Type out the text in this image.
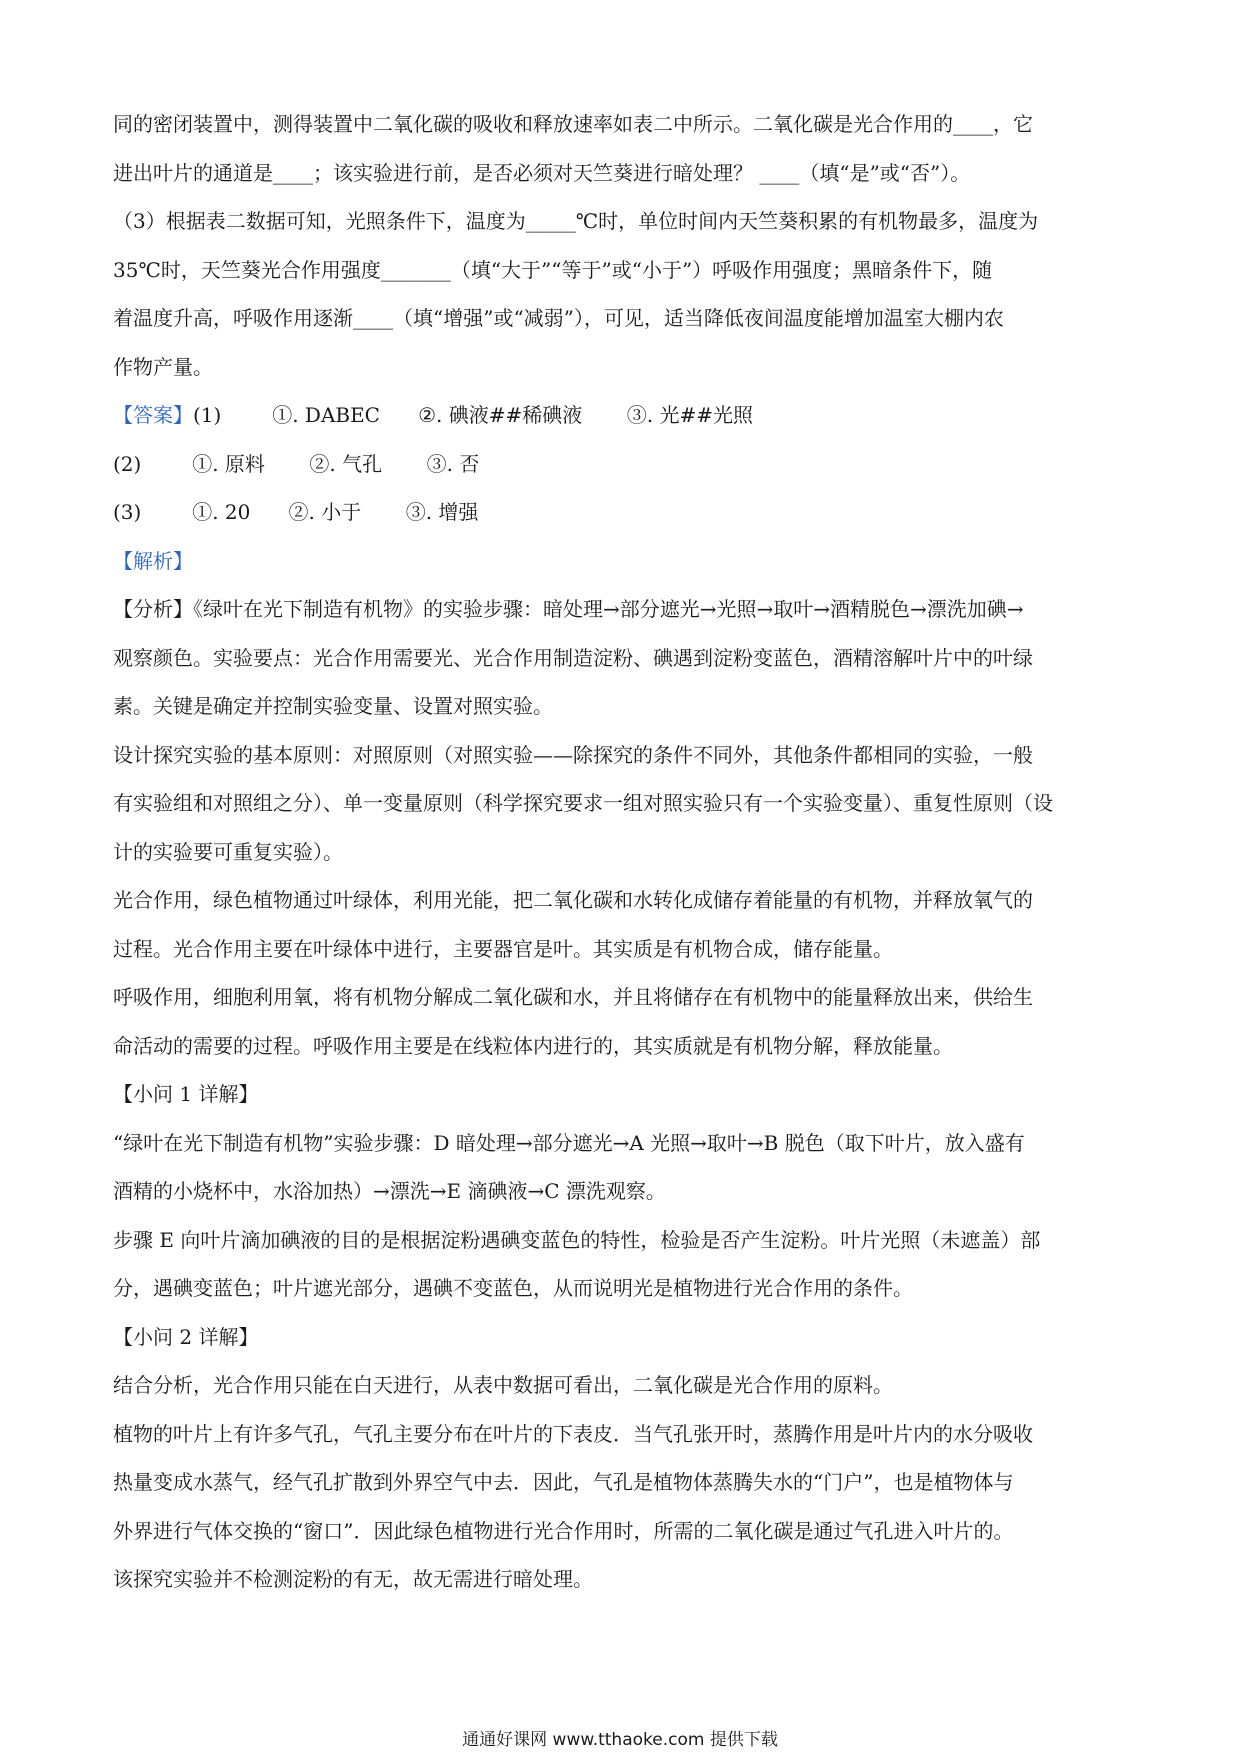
同的密闭装置中，测得装置中二氧化碳的吸收和释放速率如表二中所示。二氧化碳是光合作用的____，它
进出叶片的通道是____；该实验进行前，是否必须对天竺葵进行暗处理？ ____（填“是”或“否”）。
（3）根据表二数据可知，光照条件下，温度为_____℃时，单位时间内天竺葵积累的有机物最多，温度为
35℃时，天竺葵光合作用强度_______（填“大于”“等于”或“小于”）呼吸作用强度；黑暗条件下，随
着温度升高，呼吸作用逐渐____（填“增强”或“减弱”），可见，适当降低夜间温度能增加温室大棚内农
作物产量。
【答案】(1)        ①. DABEC      ②. 碘液##稀碘液       ③. 光##光照
(2)        ①. 原料       ②. 气孔       ③. 否
(3)        ①. 20      ②. 小于       ③. 增强
【解析】
【分析】《绿叶在光下制造有机物》的实验步骤：暗处理→部分遮光→光照→取叶→酒精脱色→漂洗加碘→
观察颜色。实验要点：光合作用需要光、光合作用制造淀粉、碘遇到淀粉变蓝色，酒精溶解叶片中的叶绿
素。关键是确定并控制实验变量、设置对照实验。
设计探究实验的基本原则：对照原则（对照实验——除探究的条件不同外，其他条件都相同的实验，一般
有实验组和对照组之分）、单一变量原则（科学探究要求一组对照实验只有一个实验变量）、重复性原则（设
计的实验要可重复实验）。
光合作用，绿色植物通过叶绿体，利用光能，把二氧化碳和水转化成储存着能量的有机物，并释放氧气的
过程。光合作用主要在叶绿体中进行，主要器官是叶。其实质是有机物合成，储存能量。
呼吸作用，细胞利用氧，将有机物分解成二氧化碳和水，并且将储存在有机物中的能量释放出来，供给生
命活动的需要的过程。呼吸作用主要是在线粒体内进行的，其实质就是有机物分解，释放能量。
【小问 1 详解】
“绿叶在光下制造有机物”实验步骤：D 暗处理→部分遮光→A 光照→取叶→B 脱色（取下叶片，放入盛有
酒精的小烧杯中，水浴加热）→漂洗→E 滴碘液→C 漂洗观察。
步骤 E 向叶片滴加碘液的目的是根据淀粉遇碘变蓝色的特性，检验是否产生淀粉。叶片光照（未遮盖）部
分，遇碘变蓝色；叶片遮光部分，遇碘不变蓝色，从而说明光是植物进行光合作用的条件。
【小问 2 详解】
结合分析，光合作用只能在白天进行，从表中数据可看出，二氧化碳是光合作用的原料。
植物的叶片上有许多气孔，气孔主要分布在叶片的下表皮．当气孔张开时，蒸腾作用是叶片内的水分吸收
热量变成水蒸气，经气孔扩散到外界空气中去．因此，气孔是植物体蒸腾失水的“门户”，也是植物体与
外界进行气体交换的“窗口”．因此绿色植物进行光合作用时，所需的二氧化碳是通过气孔进入叶片的。
该探究实验并不检测淀粉的有无，故无需进行暗处理。
通通好课网 www.tthaoke.com 提供下载
